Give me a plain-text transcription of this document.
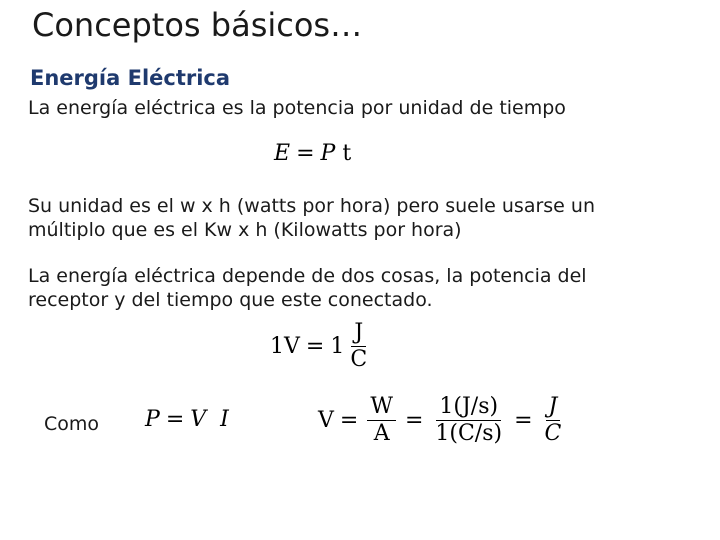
Conceptos básicos…
Energía Eléctrica
La energía eléctrica es la potencia por unidad de tiempo
E = P t
Su unidad es el w x h (watts por hora) pero suele usarse un
múltiplo que es el Kw x h (Kilowatts por hora)
La energía eléctrica depende de dos cosas, la potencia del
receptor y del tiempo que este conectado.
$1V = 1 \frac{J}{C}$
Como P = V I	$V = \frac{W}{A} = \frac{1(J/s)}{1(C/s)} = \frac{J}{C}$
